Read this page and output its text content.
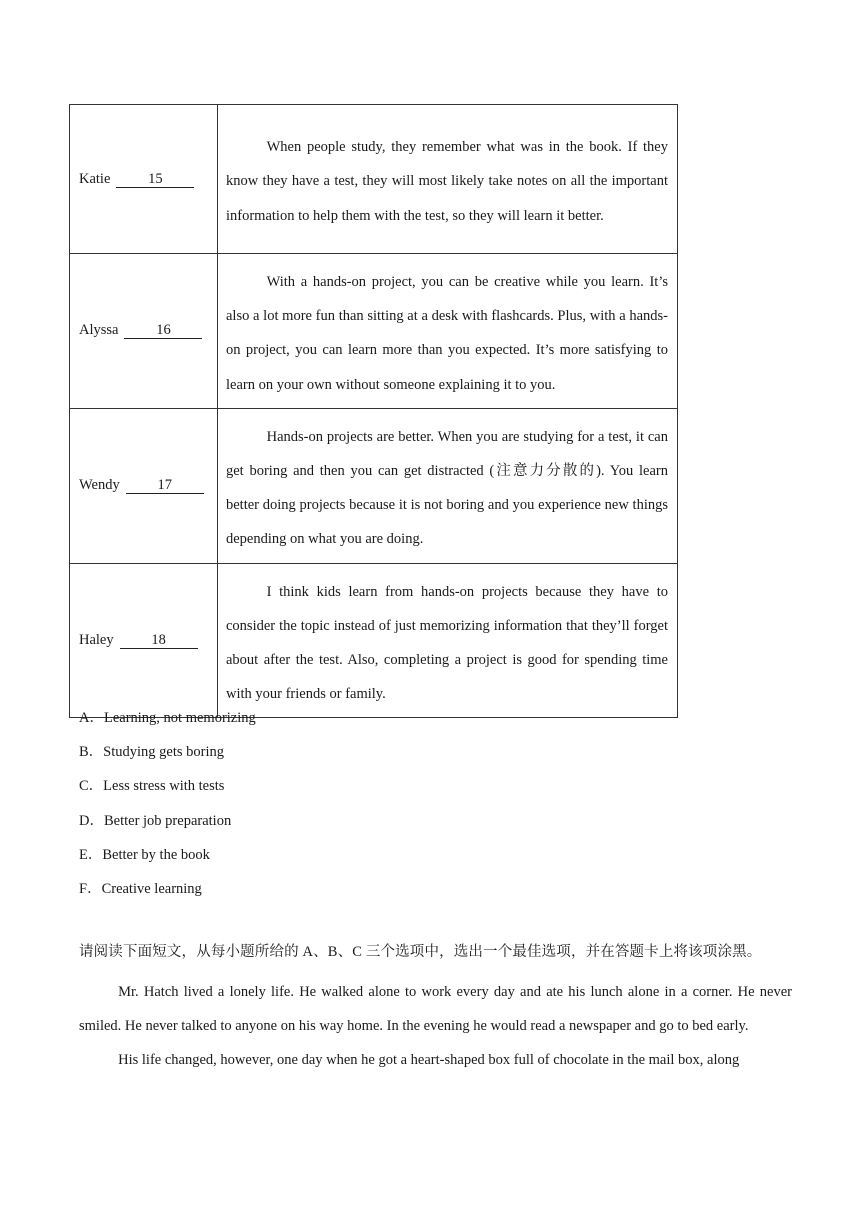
Katie 15	When people study, they remember what was in the book. If they know they have a test, they will most likely take notes on all the important information to help them with the test, so they will learn it better.

Alyssa 16	With a hands-on project, you can be creative while you learn. It’s also a lot more fun than sitting at a desk with flashcards. Plus, with a hands-on project, you can learn more than you expected. It’s more satisfying to learn on your own without someone explaining it to you.

Wendy 17	Hands-on projects are better. When you are studying for a test, it can get boring and then you can get distracted (注意力分散的). You learn better doing projects because it is not boring and you experience new things depending on what you are doing.

Haley 18	I think kids learn from hands-on projects because they have to consider the topic instead of just memorizing information that they’ll forget about after the test. Also, completing a project is good for spending time with your friends or family.

A．Learning, not memorizing
B．Studying gets boring
C．Less stress with tests
D．Better job preparation
E．Better by the book
F．Creative learning
请阅读下面短文，从每小题所给的 A、B、C 三个选项中，选出一个最佳选项，并在答题卡上将该项涂黑。

Mr. Hatch lived a lonely life. He walked alone to work every day and ate his lunch alone in a corner. He never smiled. He never talked to anyone on his way home. In the evening he would read a newspaper and go to bed early.

His life changed, however, one day when he got a heart-shaped box full of chocolate in the mail box, along
